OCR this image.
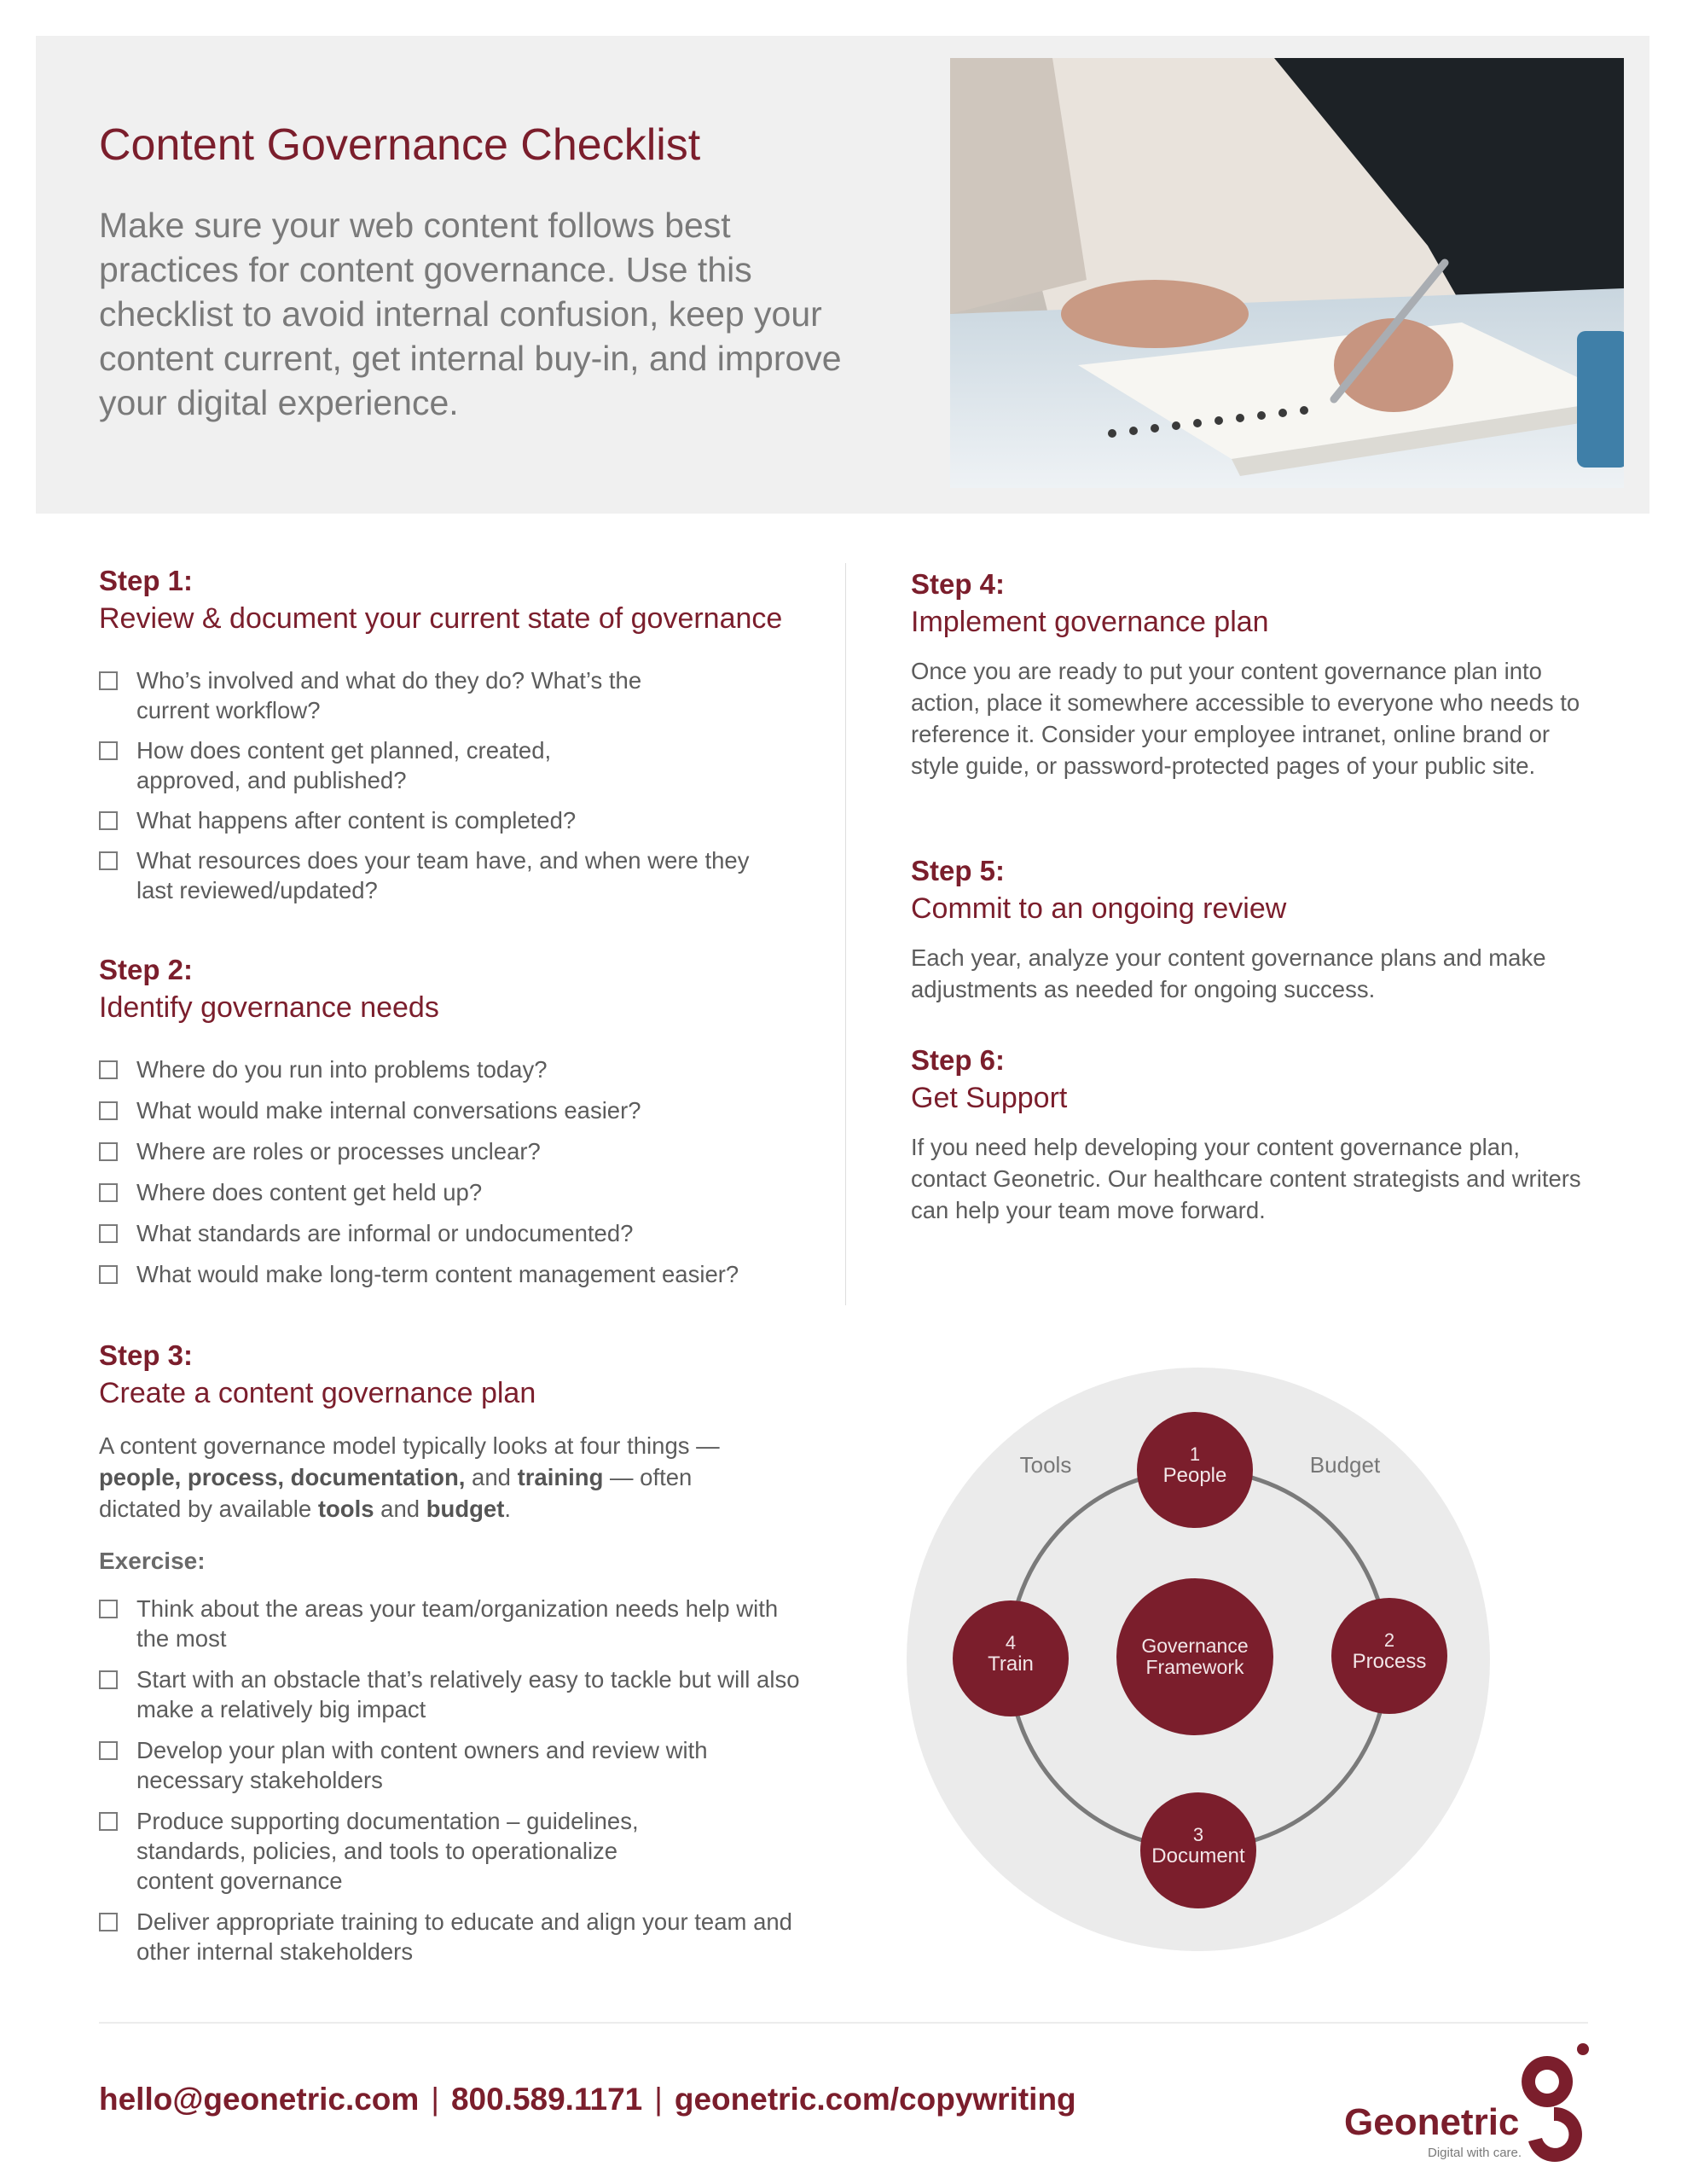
Content Governance Checklist

Make sure your web content follows best practices for content governance. Use this checklist to avoid internal confusion, keep your content current, get internal buy-in, and improve your digital experience.

Step 1:

Review & document your current state of governance

Who’s involved and what do they do? What’s the current workflow?
How does content get planned, created, approved, and published?
What happens after content is completed?
What resources does your team have, and when were they last reviewed/updated?

Step 2:

Identify governance needs

Where do you run into problems today?
What would make internal conversations easier?
Where are roles or processes unclear?
Where does content get held up?
What standards are informal or undocumented?
What would make long-term content management easier?

Step 3:

Create a content governance plan

A content governance model typically looks at four things — people, process, documentation, and training — often dictated by available tools and budget.

Exercise:

Think about the areas your team/organization needs help with the most
Start with an obstacle that’s relatively easy to tackle but will also make a relatively big impact
Develop your plan with content owners and review with necessary stakeholders
Produce supporting documentation – guidelines, standards, policies, and tools to operationalize content governance
Deliver appropriate training to educate and align your team and other internal stakeholders

Step 4:

Implement governance plan

Once you are ready to put your content governance plan into action, place it somewhere accessible to everyone who needs to reference it. Consider your employee intranet, online brand or style guide, or password-protected pages of your public site.

Step 5:

Commit to an ongoing review

Each year, analyze your content governance plans and make adjustments as needed for ongoing success.

Step 6:

Get Support

If you need help developing your content governance plan, contact Geonetric. Our healthcare content strategists and writers can help your team move forward.

Tools	Budget
Governance
Framework
1
People
2
Process
3
Document
4
Train

hello@geonetric.com | 800.589.1171 | geonetric.com/copywriting

Geonetric
Digital with care.
